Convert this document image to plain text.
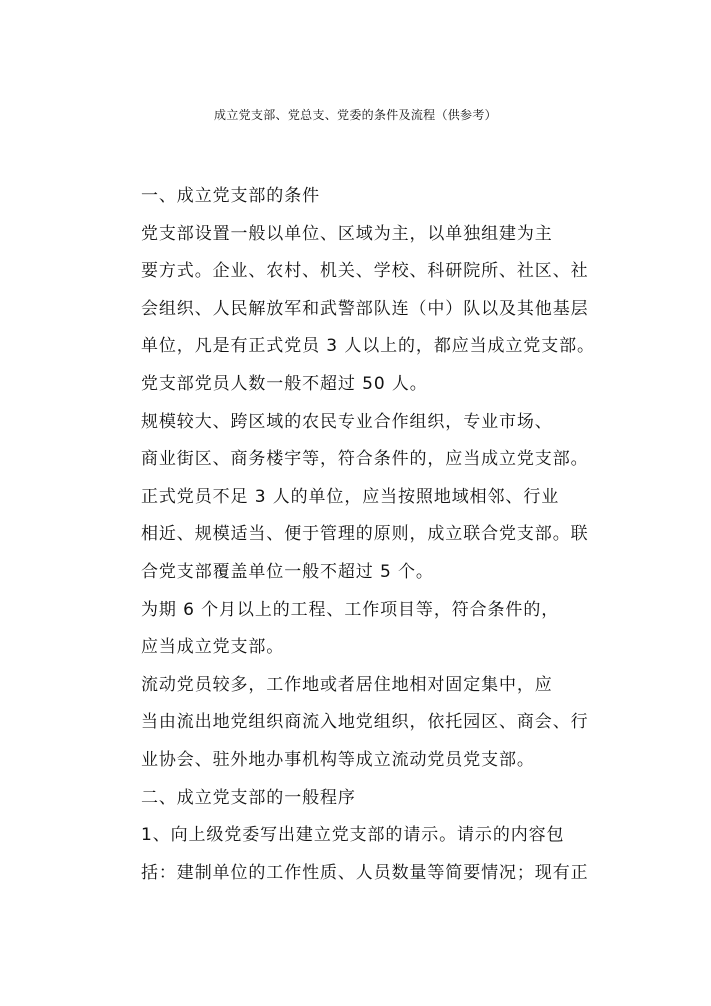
成立党支部、党总支、党委的条件及流程（供参考）

一、成立党支部的条件

党支部设置一般以单位、区域为主，以单独组建为主
要方式。企业、农村、机关、学校、科研院所、社区、社
会组织、人民解放军和武警部队连（中）队以及其他基层
单位，凡是有正式党员 3 人以上的，都应当成立党支部。

党支部党员人数一般不超过 50 人。

规模较大、跨区域的农民专业合作组织，专业市场、
商业街区、商务楼宇等，符合条件的，应当成立党支部。

正式党员不足 3 人的单位，应当按照地域相邻、行业
相近、规模适当、便于管理的原则，成立联合党支部。联
合党支部覆盖单位一般不超过 5 个。

为期 6 个月以上的工程、工作项目等，符合条件的，
应当成立党支部。

流动党员较多，工作地或者居住地相对固定集中，应
当由流出地党组织商流入地党组织，依托园区、商会、行
业协会、驻外地办事机构等成立流动党员党支部。

二、成立党支部的一般程序

1、向上级党委写出建立党支部的请示。请示的内容包
括：建制单位的工作性质、人员数量等简要情况；现有正
